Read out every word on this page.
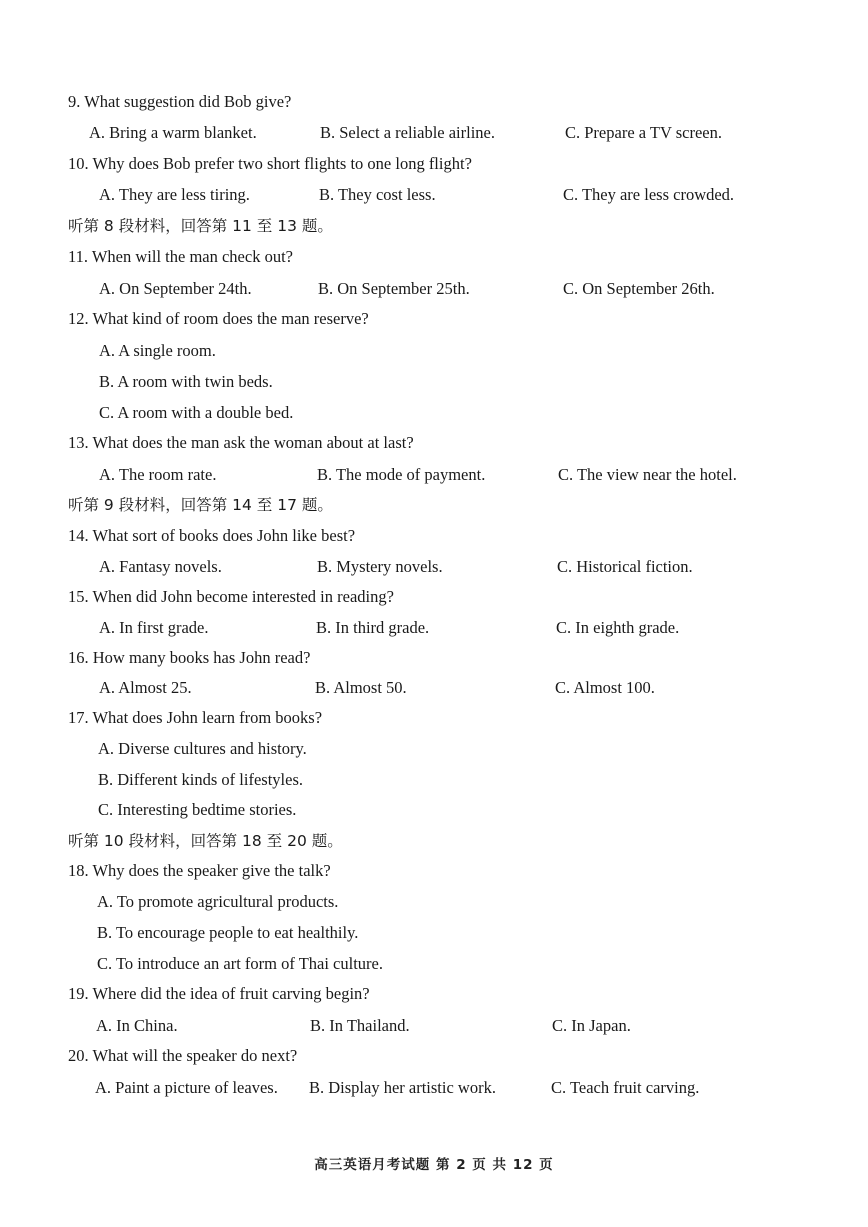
9. What suggestion did Bob give?
A. Bring a warm blanket.	B. Select a reliable airline.	C. Prepare a TV screen.
10. Why does Bob prefer two short flights to one long flight?
A. They are less tiring.	B. They cost less.	C. They are less crowded.
听第 8 段材料，回答第 11 至 13 题。
11. When will the man check out?
A. On September 24th.	B. On September 25th.	C. On September 26th.
12. What kind of room does the man reserve?
A. A single room.
B. A room with twin beds.
C. A room with a double bed.
13. What does the man ask the woman about at last?
A. The room rate.	B. The mode of payment.	C. The view near the hotel.
听第 9 段材料，回答第 14 至 17 题。
14. What sort of books does John like best?
A. Fantasy novels.	B. Mystery novels.	C. Historical fiction.
15. When did John become interested in reading?
A. In first grade.	B. In third grade.	C. In eighth grade.
16. How many books has John read?
A. Almost 25.	B. Almost 50.	C. Almost 100.
17. What does John learn from books?
A. Diverse cultures and history.
B. Different kinds of lifestyles.
C. Interesting bedtime stories.
听第 10 段材料，回答第 18 至 20 题。
18. Why does the speaker give the talk?
A. To promote agricultural products.
B. To encourage people to eat healthily.
C. To introduce an art form of Thai culture.
19. Where did the idea of fruit carving begin?
A. In China.	B. In Thailand.	C. In Japan.
20. What will the speaker do next?
A. Paint a picture of leaves. B. Display her artistic work.	C. Teach fruit carving.
高三英语月考试题 第 2 页 共 12 页
